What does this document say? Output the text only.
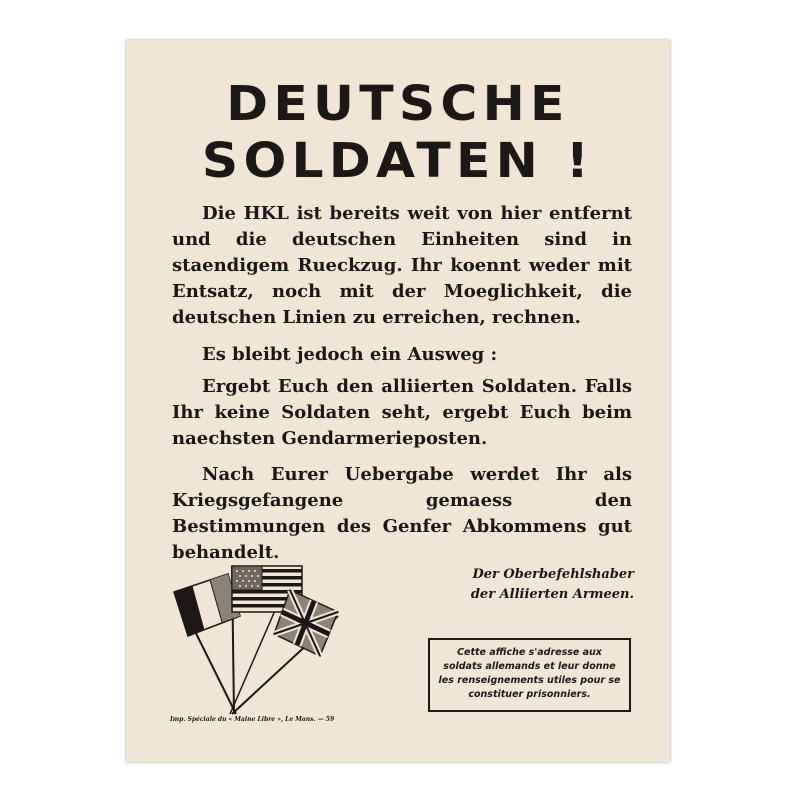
DEUTSCHE
SOLDATEN !
Die HKL ist bereits weit von hier entfernt und die deutschen Einheiten sind in staendigem Rueckzug. Ihr koennt weder mit Entsatz, noch mit der Moeglichkeit, die deutschen Linien zu erreichen, rechnen.
Es bleibt jedoch ein Ausweg :
Ergebt Euch den alliierten Soldaten. Falls Ihr keine Soldaten seht, ergebt Euch beim naechsten Gendarmerieposten.
Nach Eurer Uebergabe werdet Ihr als Kriegsgefangene gemaess den Bestimmungen des Genfer Abkommens gut behandelt.
Der Oberbefehlshaber
der Alliierten Armeen.
Cette affiche s'adresse aux soldats allemands et leur donne les renseignements utiles pour se constituer prisonniers.
Imp. Spéciale du « Maine Libre », Le Mans. — 59
